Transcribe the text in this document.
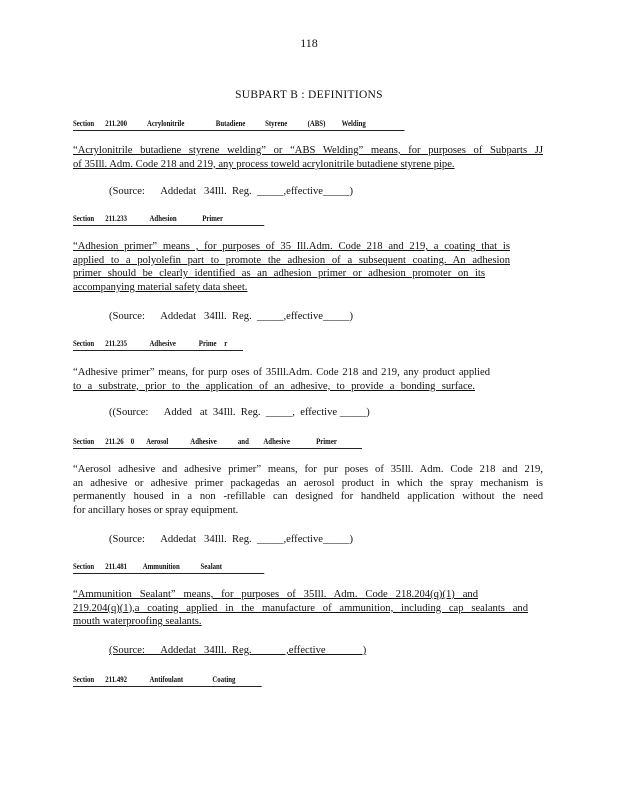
118
SUBPART B : DEFINITIONS
Section 211.200 Acrylonitrile	Butadiene Styrene	(ABS) Welding
“Acrylonitrile butadiene styrene welding” or “ABS Welding” means, for purposes of Subparts JJ
of 35Ill. Adm. Code 218 and 219, any process toweld acrylonitrile butadiene styrene pipe.
(Source:      Addedat   34Ill.  Reg.  _____,effective_____)
Section 211.233	Adhesion	Primer
“Adhesion primer” means , for purposes of 35 Ill.Adm. Code 218 and 219, a coating that is
applied to a polyolefin part to promote the adhesion of a subsequent coating. An adhesion
primer should be clearly identified as an adhesion primer or adhesion promoter on its
accompanying material safety data sheet.
(Source:      Addedat   34Ill.  Reg.  _____,effective_____)
Section 211.235	Adhesive	Prime r
“Adhesive primer” means, for purp oses of 35Ill.Adm. Code 218 and 219, any product applied
to a substrate, prior to the application of an adhesive, to provide a bonding surface.
((Source:      Added   at  34Ill.  Reg.  _____,  effective _____)
Section 211.26 0 Aerosol	Adhesive	and Adhesive	Primer
“Aerosol adhesive and adhesive primer” means, for pur poses of 35Ill. Adm. Code 218 and 219,
an adhesive or adhesive primer packagedas an aerosol product in which the spray mechanism is
permanently housed in a non -refillable can designed for handheld application without the need
for ancillary hoses or spray equipment.
(Source:      Addedat   34Ill.  Reg.  _____,effective_____)
Section 211.481 Ammunition	Sealant
“Ammunition Sealant” means, for purposes of 35Ill. Adm. Code 218.204(q)(1) and
219.204(q)(1),a coating applied in the manufacture of ammunition, including cap sealants and
mouth waterproofing sealants.
(Source:      Addedat   34Ill.  Reg.             ,effective              )
Section 211.492	Antifoulant	Coating
